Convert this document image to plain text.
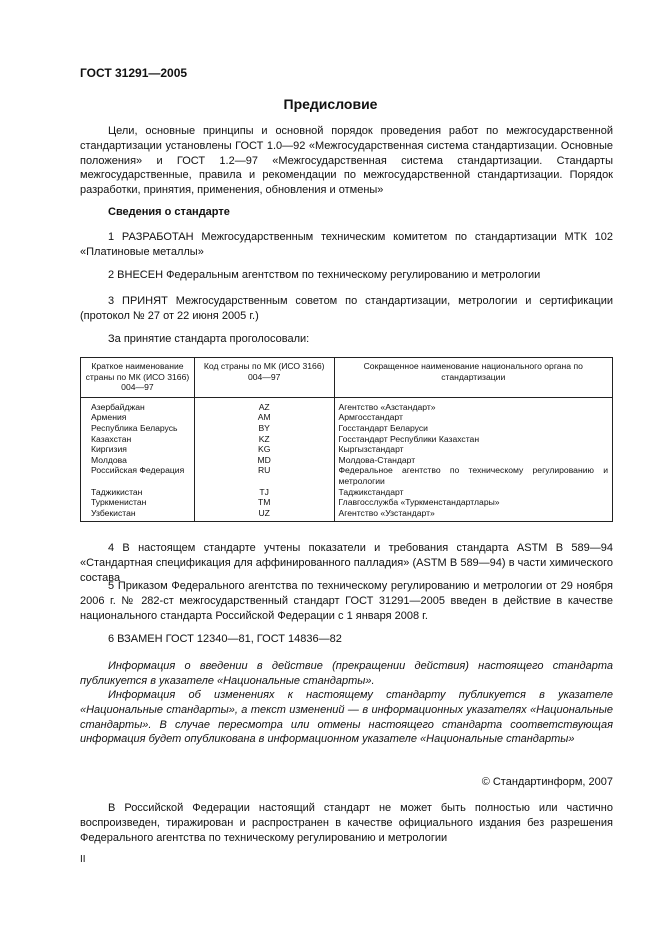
ГОСТ 31291—2005
Предисловие
Цели, основные принципы и основной порядок проведения работ по межгосударственной стандартизации установлены ГОСТ 1.0—92 «Межгосударственная система стандартизации. Основные положения» и ГОСТ 1.2—97 «Межгосударственная система стандартизации. Стандарты межгосударственные, правила и рекомендации по межгосударственной стандартизации. Порядок разработки, принятия, применения, обновления и отмены»
Сведения о стандарте
1 РАЗРАБОТАН Межгосударственным техническим комитетом по стандартизации МТК 102 «Платиновые металлы»
2 ВНЕСЕН Федеральным агентством по техническому регулированию и метрологии
3 ПРИНЯТ Межгосударственным советом по стандартизации, метрологии и сертификации (протокол № 27 от 22 июня 2005 г.)
За принятие стандарта проголосовали:
Краткое наименование страны по МК (ИСО 3166) 004—97	Код страны по МК (ИСО 3166) 004—97	Сокращенное наименование национального органа по стандартизации
Азербайджан	AZ	Агентство «Азстандарт»
Армения	AM	Армгосстандарт
Республика Беларусь	BY	Госстандарт Беларуси
Казахстан	KZ	Госстандарт Республики Казахстан
Киргизия	KG	Кыргызстандарт
Молдова	MD	Молдова-Стандарт
Российская Федерация	RU	Федеральное агентство по техническому регулированию и метрологии
Таджикистан	TJ	Таджикстандарт
Туркменистан	TM	Главгосслужба «Туркменстандартлары»
Узбекистан	UZ	Агентство «Узстандарт»
4 В настоящем стандарте учтены показатели и требования стандарта ASTM B 589—94 «Стандартная спецификация для аффинированного палладия» (ASTM B 589—94) в части химического состава
5 Приказом Федерального агентства по техническому регулированию и метрологии от 29 ноября 2006 г. № 282-ст межгосударственный стандарт ГОСТ 31291—2005 введен в действие в качестве национального стандарта Российской Федерации с 1 января 2008 г.
6 ВЗАМЕН ГОСТ 12340—81, ГОСТ 14836—82
Информация о введении в действие (прекращении действия) настоящего стандарта публикуется в указателе «Национальные стандарты».
Информация об изменениях к настоящему стандарту публикуется в указателе «Национальные стандарты», а текст изменений — в информационных указателях «Национальные стандарты». В случае пересмотра или отмены настоящего стандарта соответствующая информация будет опубликована в информационном указателе «Национальные стандарты»
© Стандартинформ, 2007
В Российской Федерации настоящий стандарт не может быть полностью или частично воспроизведен, тиражирован и распространен в качестве официального издания без разрешения Федерального агентства по техническому регулированию и метрологии
II
